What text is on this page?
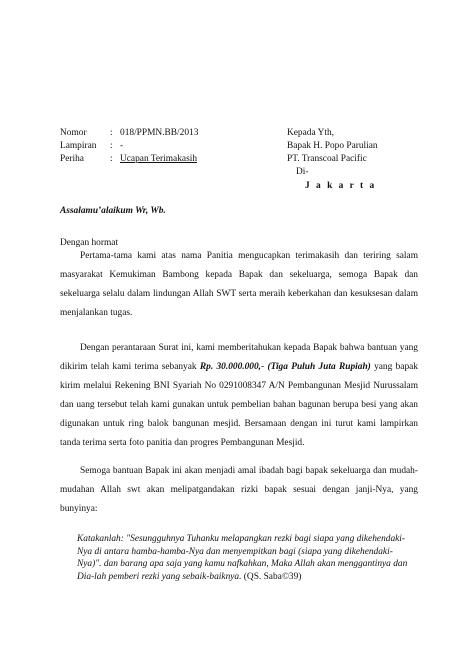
Nomor : 018/PPMN.BB/2013
Lampiran : -
Periha	: Ucapan Terimakasih
Kepada Yth,
Bapak H. Popo Parulian
PT. Transcoal Pacific
Di-
J a k a r t a
Assalamu’alaikum Wr, Wb.
Dengan hormat

Pertama-tama kami atas nama Panitia mengucapkan terimakasih dan teriring salam masyarakat Kemukiman Bambong kepada Bapak dan sekeluarga, semoga Bapak dan sekeluarga selalu dalam lindungan Allah SWT serta meraih keberkahan dan kesuksesan dalam menjalankan tugas.

Dengan perantaraan Surat ini, kami memberitahukan kepada Bapak bahwa bantuan yang dikirim telah kami terima sebanyak Rp. 30.000.000,- (Tiga Puluh Juta Rupiah) yang bapak kirim melalui Rekening BNI Syariah No 0291008347 A/N Pembangunan Mesjid Nurussalam dan uang tersebut telah kami gunakan untuk pembelian bahan bagunan berupa besi yang akan digunakan untuk ring balok bangunan mesjid. Bersamaan dengan ini turut kami lampirkan tanda terima serta foto panitia dan progres Pembangunan Mesjid.

Semoga bantuan Bapak ini akan menjadi amal ibadah bagi bapak sekeluarga dan mudah-mudahan Allah swt akan melipatgandakan rizki bapak sesuai dengan janji-Nya, yang bunyinya:

Katakanlah: "Sesungguhnya Tuhanku melapangkan rezki bagi siapa yang dikehendaki-Nya di antara hamba-hamba-Nya dan menyempitkan bagi (siapa yang dikehendaki-Nya)". dan barang apa saja yang kamu nafkahkan, Maka Allah akan menggantinya dan Dia-lah pemberi rezki yang sebaik-baiknya. (QS. Saba©39)
